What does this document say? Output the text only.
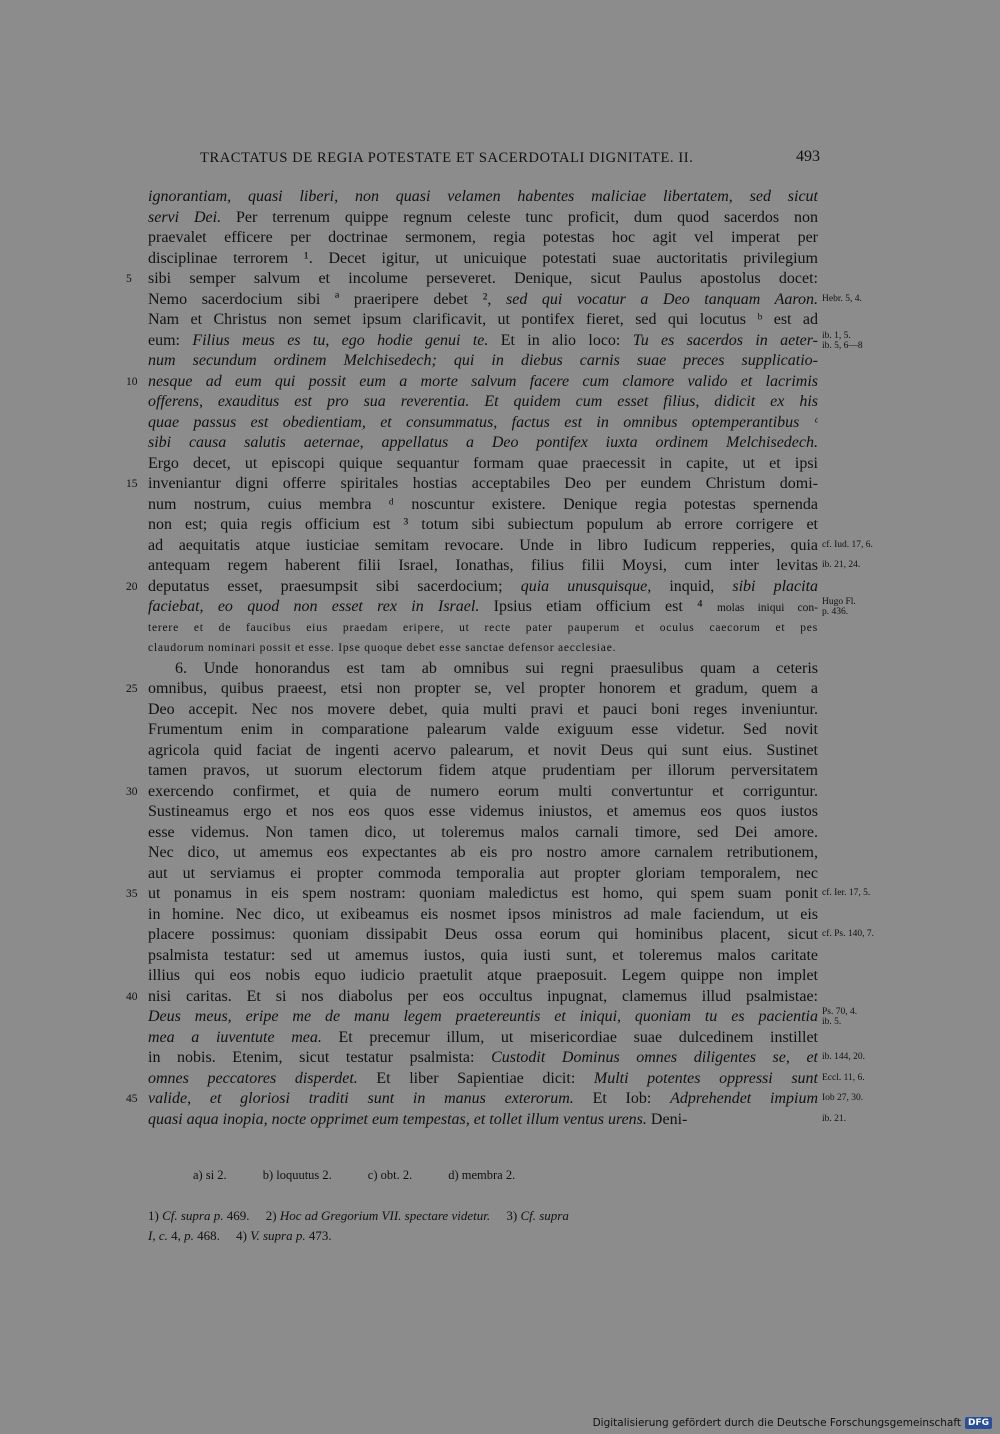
TRACTATUS DE REGIA POTESTATE ET SACERDOTALI DIGNITATE. II.	493
ignorantiam, quasi liberi, non quasi velamen habentes maliciae libertatem, sed sicut
servi Dei. Per terrenum quippe regnum celeste tunc proficit, dum quod sacerdos non
praevalet efficere per doctrinae sermonem, regia potestas hoc agit vel imperat per
disciplinae terrorem ¹. Decet igitur, ut unicuique potestati suae auctoritatis privilegium
5	sibi semper salvum et incolume perseveret. Denique, sicut Paulus apostolus docet:
Nemo sacerdocium sibi ª praeripere debet ², sed qui vocatur a Deo tanquam Aaron. Hebr. 5, 4.
Nam et Christus non semet ipsum clarificavit, ut pontifex fieret, sed qui locutus ᵇ est ad
eum: Filius meus es tu, ego hodie genui te. Et in alio loco: Tu es sacerdos in aeter- ib. 1, 5.
ib. 5, 6—8
num secundum ordinem Melchisedech; qui in diebus carnis suae preces supplicatio-
10 nesque ad eum qui possit eum a morte salvum facere cum clamore valido et lacrimis
offerens, exauditus est pro sua reverentia. Et quidem cum esset filius, didicit ex his
quae passus est obedientiam, et consummatus, factus est in omnibus optemperantibus ᶜ
sibi causa salutis aeternae, appellatus a Deo pontifex iuxta ordinem Melchisedech.
Ergo decet, ut episcopi quique sequantur formam quae praecessit in capite, ut et ipsi
15 inveniantur digni offerre spiritales hostias acceptabiles Deo per eundem Christum domi-
num nostrum, cuius membra ᵈ noscuntur existere. Denique regia potestas spernenda
non est; quia regis officium est ³ totum sibi subiectum populum ab errore corrigere et
ad aequitatis atque iusticiae semitam revocare. Unde in libro Iudicum repperies, quia cf. Iud. 17, 6.
antequam regem haberent filii Israel, Ionathas, filius filii Moysi, cum inter levitas ib. 21, 24.
20 deputatus esset, praesumpsit sibi sacerdocium; quia unusquisque, inquid, sibi placita
faciebat, eo quod non esset rex in Israel. Ipsius etiam officium est ⁴ molas iniqui con- Hugo Fl.
p. 436.
terere et de faucibus eius praedam eripere, ut recte pater pauperum et oculus caecorum et pes
claudorum nominari possit et esse. Ipse quoque debet esse sanctae defensor aecclesiae.
6. Unde honorandus est tam ab omnibus sui regni praesulibus quam a ceteris
25 omnibus, quibus praeest, etsi non propter se, vel propter honorem et gradum, quem a
Deo accepit. Nec nos movere debet, quia multi pravi et pauci boni reges inveniuntur.
Frumentum enim in comparatione palearum valde exiguum esse videtur. Sed novit
agricola quid faciat de ingenti acervo palearum, et novit Deus qui sunt eius. Sustinet
tamen pravos, ut suorum electorum fidem atque prudentiam per illorum perversitatem
30 exercendo confirmet, et quia de numero eorum multi convertuntur et corriguntur.
Sustineamus ergo et nos eos quos esse videmus iniustos, et amemus eos quos iustos
esse videmus. Non tamen dico, ut toleremus malos carnali timore, sed Dei amore.
Nec dico, ut amemus eos expectantes ab eis pro nostro amore carnalem retributionem,
aut ut serviamus ei propter commoda temporalia aut propter gloriam temporalem, nec
35 ut ponamus in eis spem nostram: quoniam maledictus est homo, qui spem suam ponit cf. Ier. 17, 5.
in homine. Nec dico, ut exibeamus eis nosmet ipsos ministros ad male faciendum, ut eis
placere possimus: quoniam dissipabit Deus ossa eorum qui hominibus placent, sicut cf. Ps. 140, 7.
psalmista testatur: sed ut amemus iustos, quia iusti sunt, et toleremus malos caritate
illius qui eos nobis equo iudicio praetulit atque praeposuit. Legem quippe non implet
40 nisi caritas. Et si nos diabolus per eos occultus inpugnat, clamemus illud psalmistae:
Deus meus, eripe me de manu legem praetereuntis et iniqui, quoniam tu es pacientia Ps. 70, 4.
ib. 5.
mea a iuventute mea. Et precemur illum, ut misericordiae suae dulcedinem instillet
in nobis. Etenim, sicut testatur psalmista: Custodit Dominus omnes diligentes se, et ib. 144, 20.
omnes peccatores disperdet. Et liber Sapientiae dicit: Multi potentes oppressi sunt Eccl. 11, 6.
45 valide, et gloriosi traditi sunt in manus exterorum. Et Iob: Adprehendet impium Iob 27, 30.
quasi aqua inopia, nocte opprimet eum tempestas, et tollet illum ventus urens. Deni-	ib. 21.
a) si 2.	b) loquutus 2.	c) obt. 2.	d) membra 2.
1) Cf. supra p. 469.     2) Hoc ad Gregorium VII. spectare videtur.     3) Cf. supra
I, c. 4, p. 468.     4) V. supra p. 473.
Digitalisierung gefördert durch die Deutsche Forschungsgemeinschaft DFG
